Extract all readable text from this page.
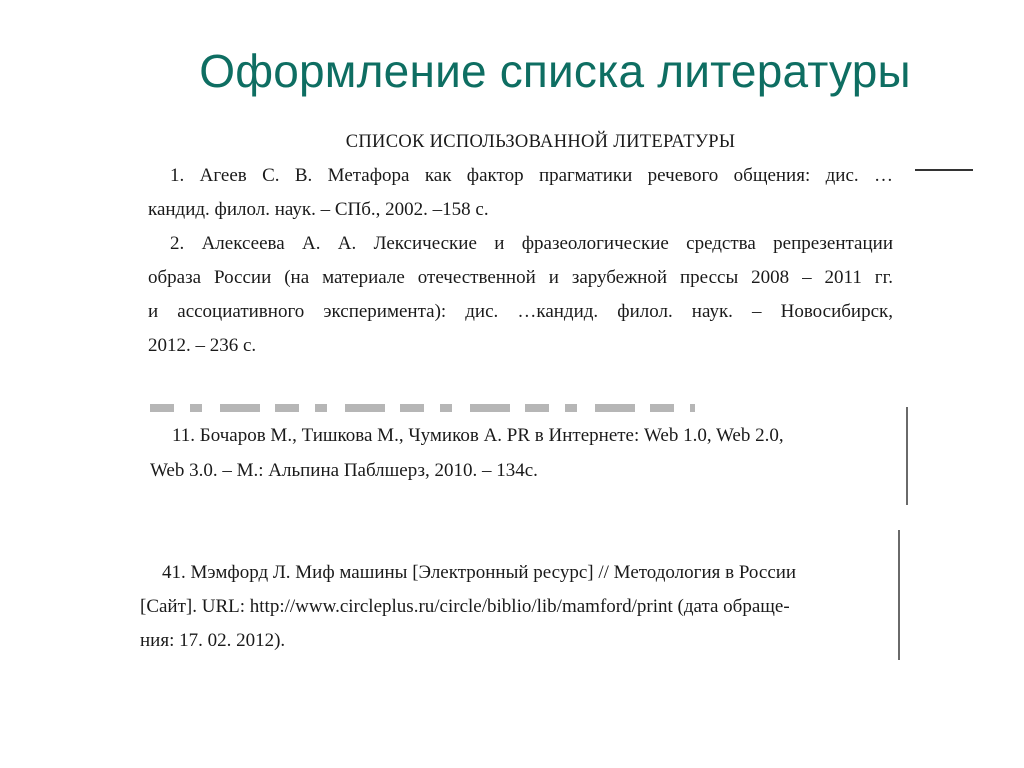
Оформление списка литературы
СПИСОК ИСПОЛЬЗОВАННОЙ ЛИТЕРАТУРЫ
1. Агеев С. В. Метафора как фактор прагматики речевого общения: дис. …
кандид. филол. наук. – СПб., 2002. –158 с.
2. Алексеева А. А. Лексические и фразеологические средства репрезентации
образа России (на материале отечественной и зарубежной прессы 2008 – 2011 гг.
и ассоциативного эксперимента): дис. …кандид. филол. наук. – Новосибирск,
2012. – 236 с.
11. Бочаров М., Тишкова М., Чумиков А. PR в Интернете: Web 1.0, Web 2.0,
Web 3.0. – М.: Альпина Паблшерз, 2010. – 134с.
41. Мэмфорд Л. Миф машины [Электронный ресурс] // Методология в России
[Сайт]. URL: http://www.circleplus.ru/circle/biblio/lib/mamford/print (дата обраще-
ния: 17. 02. 2012).
